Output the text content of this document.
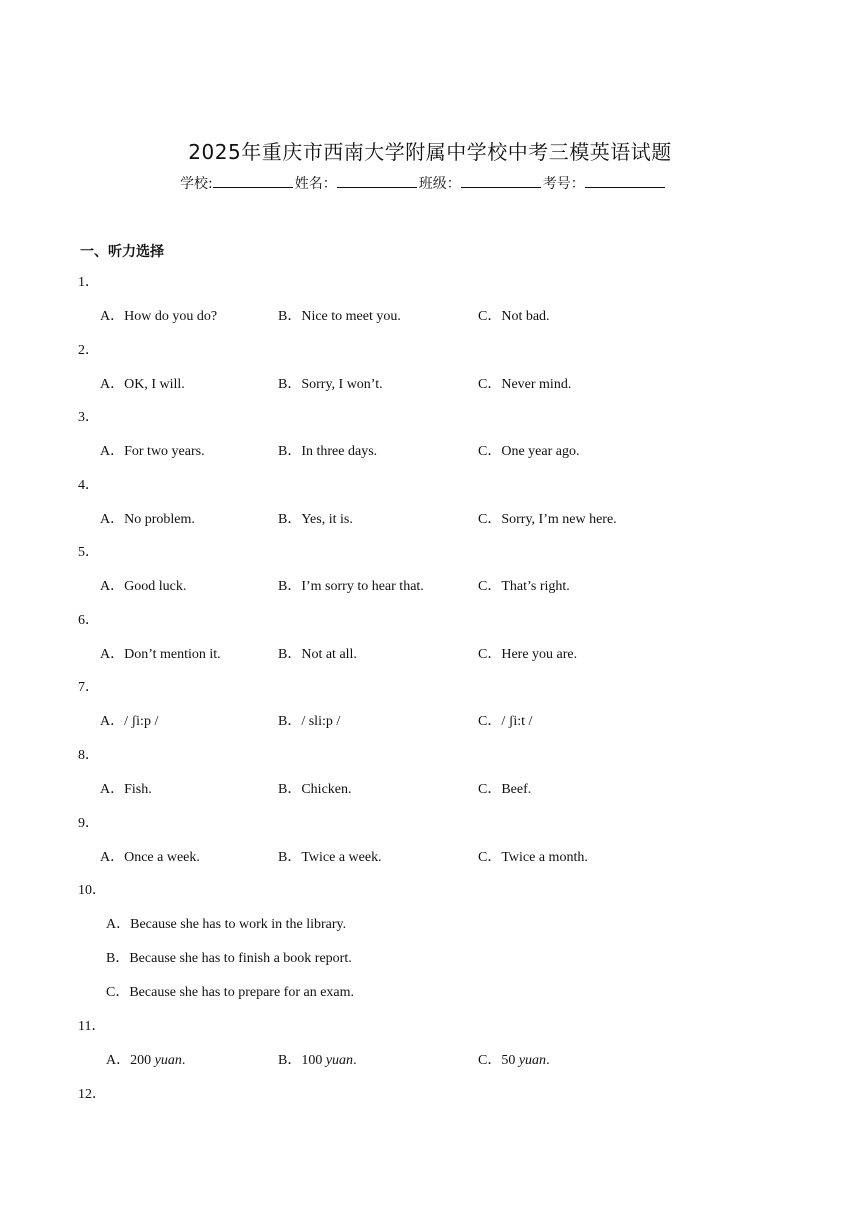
2025年重庆市西南大学附属中学校中考三模英语试题
学校:	姓名：	班级：	考号：
一、听力选择
1．
A．How do you do?	B．Nice to meet you.	C．Not bad.
2．
A．OK, I will.	B．Sorry, I won’t.	C．Never mind.
3．
A．For two years.	B．In three days.	C．One year ago.
4．
A．No problem.	B．Yes, it is.	C．Sorry, I’m new here.
5．
A．Good luck.	B．I’m sorry to hear that.	C．That’s right.
6．
A．Don’t mention it.	B．Not at all.	C．Here you are.
7．
A．/ ʃi:p /	B．/ sli:p /	C．/ ʃi:t /
8．
A．Fish.	B．Chicken.	C．Beef.
9．
A．Once a week.	B．Twice a week.	C．Twice a month.
10．
A．Because she has to work in the library.
B．Because she has to finish a book report.
C．Because she has to prepare for an exam.
11．
A．200 yuan.	B．100 yuan.	C．50 yuan.
12．
